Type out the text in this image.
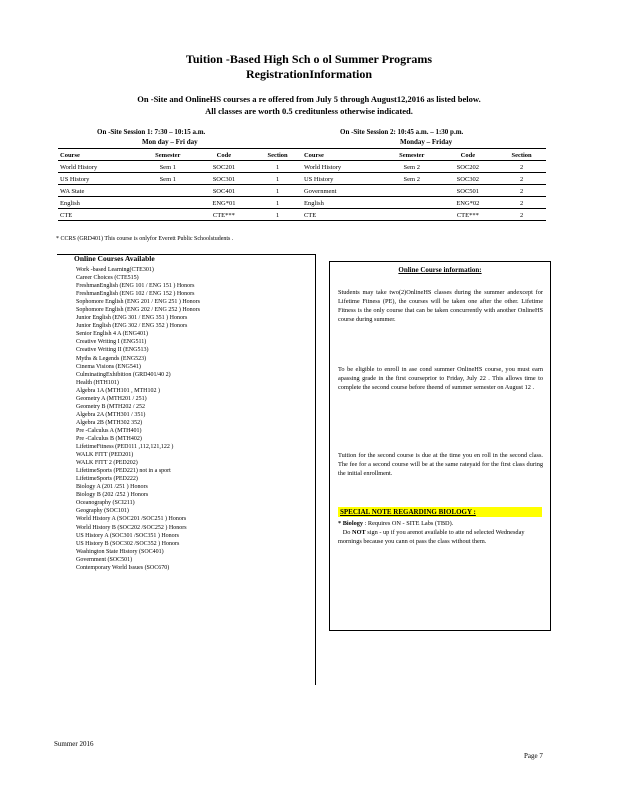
Tuition -Based High Sch o ol Summer Programs
RegistrationInformation
On -Site and OnlineHS courses a re offered from July 5 through August12,2016 as listed below.
All classes are worth 0.5 creditunless otherwise indicated.
On -Site Session 1: 7:30 – 10:15 a.m.
Mon day – Fri day
On -Site Session 2: 10:45 a.m. – 1:30 p.m.
Monday – Friday
Course	Semester	Code	Section	Course	Semester	Code	Section
World History	Sem 1	SOC201	1	World History	Sem 2	SOC202	2
US History	Sem 1	SOC301	1	US History	Sem 2	SOC302	2
WA State		SOC401	1	Government		SOC501	2
English		ENG*01	1	English		ENG*02	2
CTE		CTE***	1	CTE		CTE***	2
* CCRS (GRD401) This course is onlyfor Everett Public Schoolstudents .
Online Courses Available
Work -based Learning(CTE301)
Career Choices (CTE515)
FreshmanEnglish (ENG 101 / ENG 151 ) Honors
FreshmanEnglish (ENG 102 / ENG 152 ) Honors
Sophomore English (ENG 201 / ENG 251 ) Honors
Sophomore English (ENG 202 / ENG 252 ) Honors
Junior English (ENG 301 / ENG 351 ) Honors
Junior English (ENG 302 / ENG 352 ) Honors
Senior English 4 A (ENG401)
Creative Writing I (ENG511)
Creative Writing II (ENG513)
Myths & Legends (ENG523)
Cinema Visions (ENG541)
CulminatingExhibition (GRD401/40 2)
Health (HTH101)
Algebra 1A (MTH101 , MTH102 )
Geometry A (MTH201 / 251)
Geometry B (MTH202 / 252
Algebra 2A (MTH301 / 351)
Algebra 2B (MTH302 352)
Pre -Calculus A (MTH401)
Pre -Calculus B (MTH402)
LifetimeFitness (PED111 ,112,121,122 )
WALK FITT (PED201)
WALK FITT 2 (PED202)
LifetimeSports (PED221) not in a sport
LifetimeSports (PED222)
Biology A (201 /251 ) Honors
Biology B (202 /252 ) Honors
Oceanography (SCI211)
Geography (SOC101)
World History A (SOC201 /SOC251 ) Honors
World History B (SOC202 /SOC252 ) Honors
US History A (SOC301 /SOC351 ) Honors
US History B (SOC302 /SOC352 ) Honors
Washington State History (SOC401)
Government (SOC501)
Contemporary World Issues (SOC670)
Online Course information:
Students may take two(2)OnlineHS classes during the summer andexcept for Lifetime Fitness (PE), the courses will be taken one after the other. Lifetime Fitness is the only course that can be taken concurrently with another OnlineHS course during summer.
To be eligible to enroll in ase cond summer OnlineHS course, you must earn apassing grade in the first courseprior to Friday, July 22 . This allows time to complete the second course before theend of summer semester on August 12 .
Tuition for the second course is due at the time you en roll in the second class. The fee for a second course will be at the same rateyaid for the first class during the initial enrollment.
SPECIAL NOTE REGARDING BIOLOGY :
* Biology : Requires ON - SITE Labs (TBD).
Do NOT sign - up if you arenot available to atte nd selected Wednesday mornings because you cann ot pass the class without them.
Summer 2016
Page 7
